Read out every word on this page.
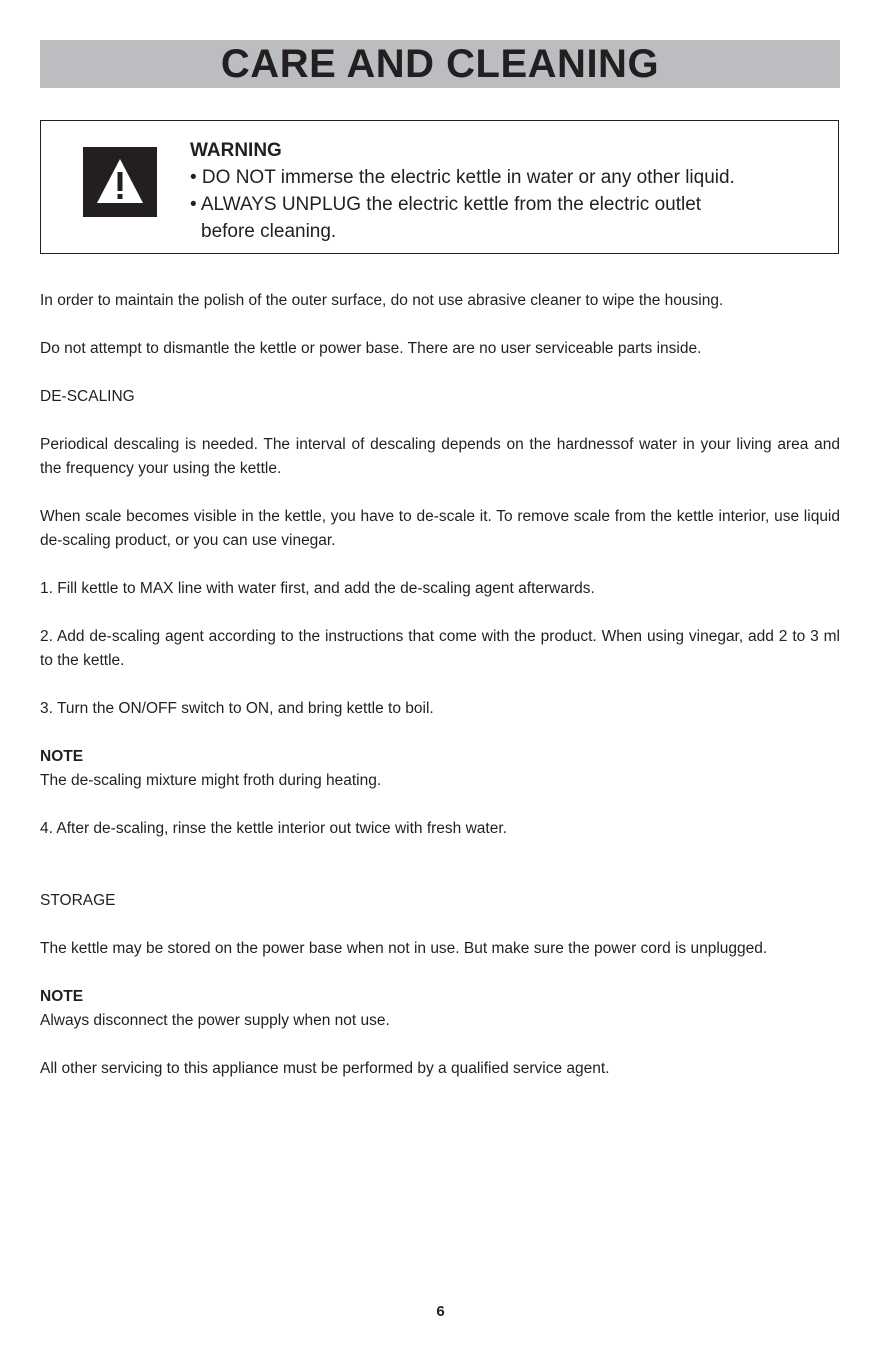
CARE AND CLEANING
WARNING
• DO NOT immerse the electric kettle in water or any other liquid.
• ALWAYS UNPLUG the electric kettle from the electric outlet
before cleaning.

In order to maintain the polish of the outer surface, do not use abrasive cleaner to wipe the housing.

Do not attempt to dismantle the kettle or power base. There are no user serviceable parts inside.

DE-SCALING

Periodical descaling is needed. The interval of descaling depends on the hardnessof water in your living area and the frequency your using the kettle.

When scale becomes visible in the kettle, you have to de-scale it. To remove scale from the kettle interior, use liquid de-scaling product, or you can use vinegar.

1. Fill kettle to MAX line with water first, and add the de-scaling agent afterwards.

2. Add de-scaling agent according to the instructions that come with the product. When using vinegar, add 2 to 3 ml to the kettle.

3. Turn the ON/OFF switch to ON, and bring kettle to boil.

NOTE

The de-scaling mixture might froth during heating.

4. After de-scaling, rinse the kettle interior out twice with fresh water.

STORAGE

The kettle may be stored on the power base when not in use. But make sure the power cord is unplugged.

NOTE

Always disconnect the power supply when not use.

All other servicing to this appliance must be performed by a qualified service agent.

6
